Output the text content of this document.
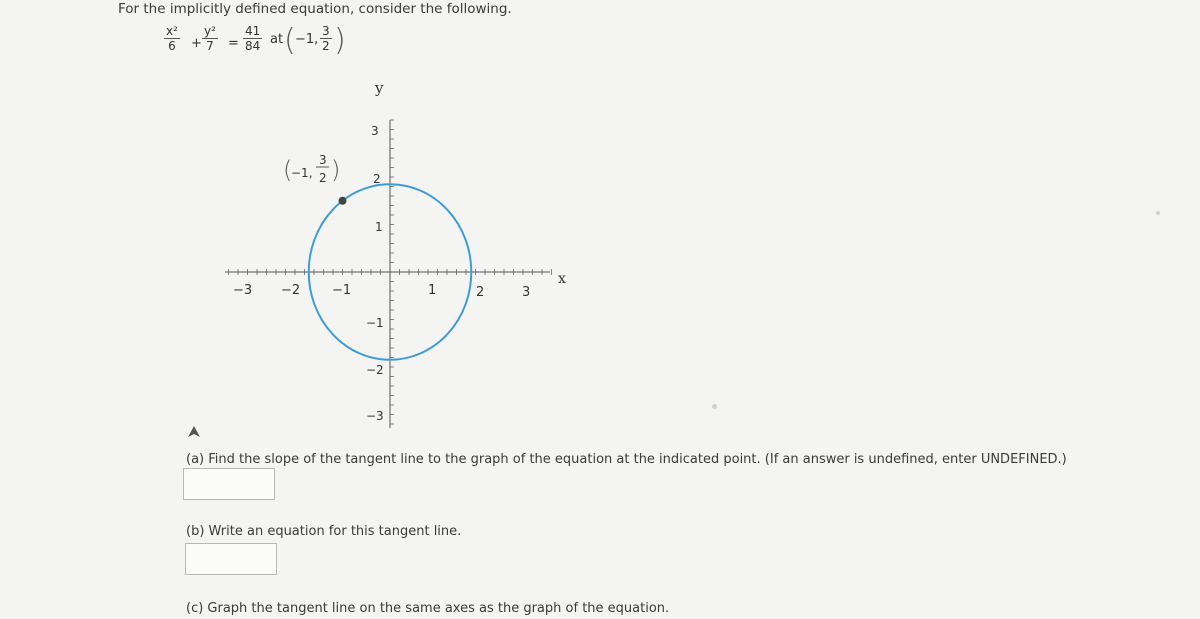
For the implicitly defined equation, consider the following.
$\frac{\text{x²}}{6} + \frac{\text{y²}}{7} = \frac{41}{84}$ at ( −1, $\frac{3}{2}$ )
y
x
−3 −2 −1	1	2	3
3
2
1
−1
−2
−3
(
−1,
3
2 )
(a) Find the slope of the tangent line to the graph of the equation at the indicated point. (If an answer is undefined, enter UNDEFINED.)
(b) Write an equation for this tangent line.
(c) Graph the tangent line on the same axes as the graph of the equation.
